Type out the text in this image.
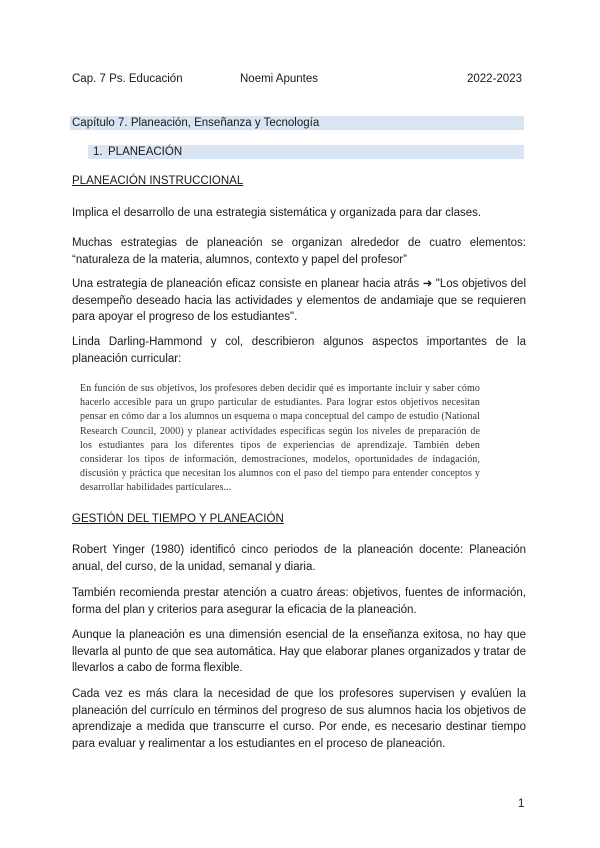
Cap. 7 Ps. Educación	Noemi Apuntes	2022-2023
Capítulo 7. Planeación, Enseñanza y Tecnología
1. PLANEACIÓN
PLANEACIÓN INSTRUCCIONAL
Implica el desarrollo de una estrategia sistemática y organizada para dar clases.
Muchas estrategias de planeación se organizan alrededor de cuatro elementos: “naturaleza de la materia, alumnos, contexto y papel del profesor”
Una estrategia de planeación eficaz consiste en planear hacia atrás ➜ "Los objetivos del desempeño deseado hacia las actividades y elementos de andamiaje que se requieren para apoyar el progreso de los estudiantes".
Linda Darling-Hammond y col, describieron algunos aspectos importantes de la planeación curricular:
En función de sus objetivos, los profesores deben decidir qué es importante incluir y saber cómo hacerlo accesible para un grupo particular de estudiantes. Para lograr estos objetivos necesitan pensar en cómo dar a los alumnos un esquema o mapa conceptual del campo de estudio (National Research Council, 2000) y planear actividades específicas según los niveles de preparación de los estudiantes para los diferentes tipos de experiencias de aprendizaje. También deben considerar los tipos de información, demostraciones, modelos, oportunidades de indagación, discusión y práctica que necesitan los alumnos con el paso del tiempo para entender conceptos y desarrollar habilidades particulares...
GESTIÓN DEL TIEMPO Y PLANEACIÓN
Robert Yinger (1980) identificó cinco periodos de la planeación docente: Planeación anual, del curso, de la unidad, semanal y diaria.
También recomienda prestar atención a cuatro áreas: objetivos, fuentes de información, forma del plan y criterios para asegurar la eficacia de la planeación.
Aunque la planeación es una dimensión esencial de la enseñanza exitosa, no hay que llevarla al punto de que sea automática. Hay que elaborar planes organizados y tratar de llevarlos a cabo de forma flexible.
Cada vez es más clara la necesidad de que los profesores supervisen y evalúen la planeación del currículo en términos del progreso de sus alumnos hacia los objetivos de aprendizaje a medida que transcurre el curso. Por ende, es necesario destinar tiempo para evaluar y realimentar a los estudiantes en el proceso de planeación.
1
